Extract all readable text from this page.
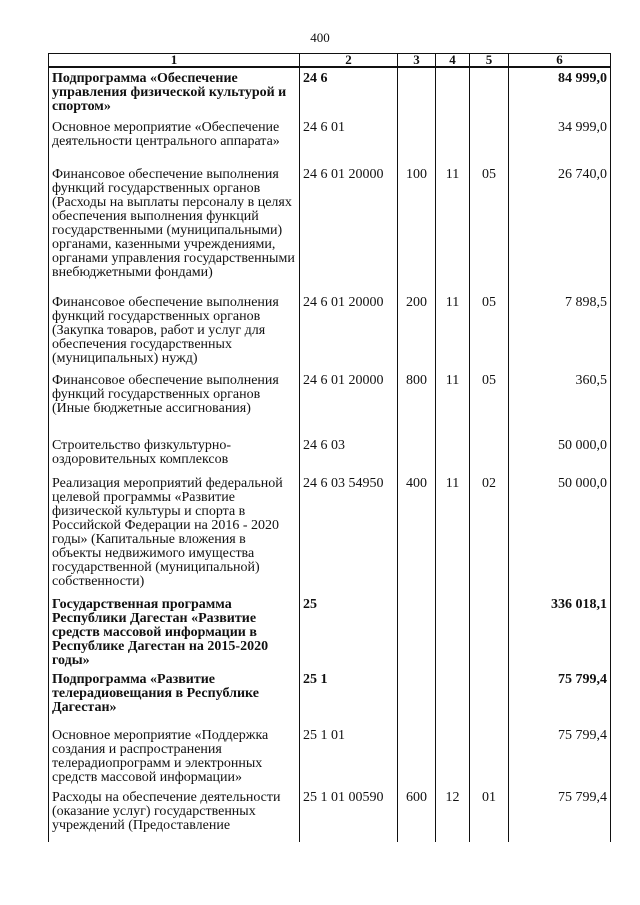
400
1	2	3	4	5	6
Подпрограмма «Обеспечение управления физической культурой и спортом»	24 6				84 999,0
Основное мероприятие «Обеспечение деятельности центрального аппарата»	24 6 01				34 999,0
Финансовое обеспечение выполнения функций государственных органов (Расходы на выплаты персоналу в целях обеспечения выполнения функций государственными (муниципальными) органами, казенными учреждениями, органами управления государственными внебюджетными фондами)	24 6 01 20000	100	11	05	26 740,0
Финансовое обеспечение выполнения функций государственных органов (Закупка товаров, работ и услуг для обеспечения государственных (муниципальных) нужд)	24 6 01 20000	200	11	05	7 898,5
Финансовое обеспечение выполнения функций государственных органов (Иные бюджетные ассигнования)	24 6 01 20000	800	11	05	360,5
Строительство физкультурно-оздоровительных комплексов	24 6 03				50 000,0
Реализация мероприятий федеральной целевой программы «Развитие физической культуры и спорта в Российской Федерации на 2016 - 2020 годы» (Капитальные вложения в объекты недвижимого имущества государственной (муниципальной) собственности)	24 6 03 54950	400	11	02	50 000,0
Государственная программа Республики Дагестан «Развитие средств массовой информации в Республике Дагестан на 2015-2020 годы»	25				336 018,1
Подпрограмма «Развитие телерадиовещания в Республике Дагестан»	25 1				75 799,4
Основное мероприятие «Поддержка создания и распространения телерадиопрограмм и электронных средств массовой информации»	25 1 01				75 799,4
Расходы на обеспечение деятельности (оказание услуг) государственных учреждений (Предоставление	25 1 01 00590	600	12	01	75 799,4
